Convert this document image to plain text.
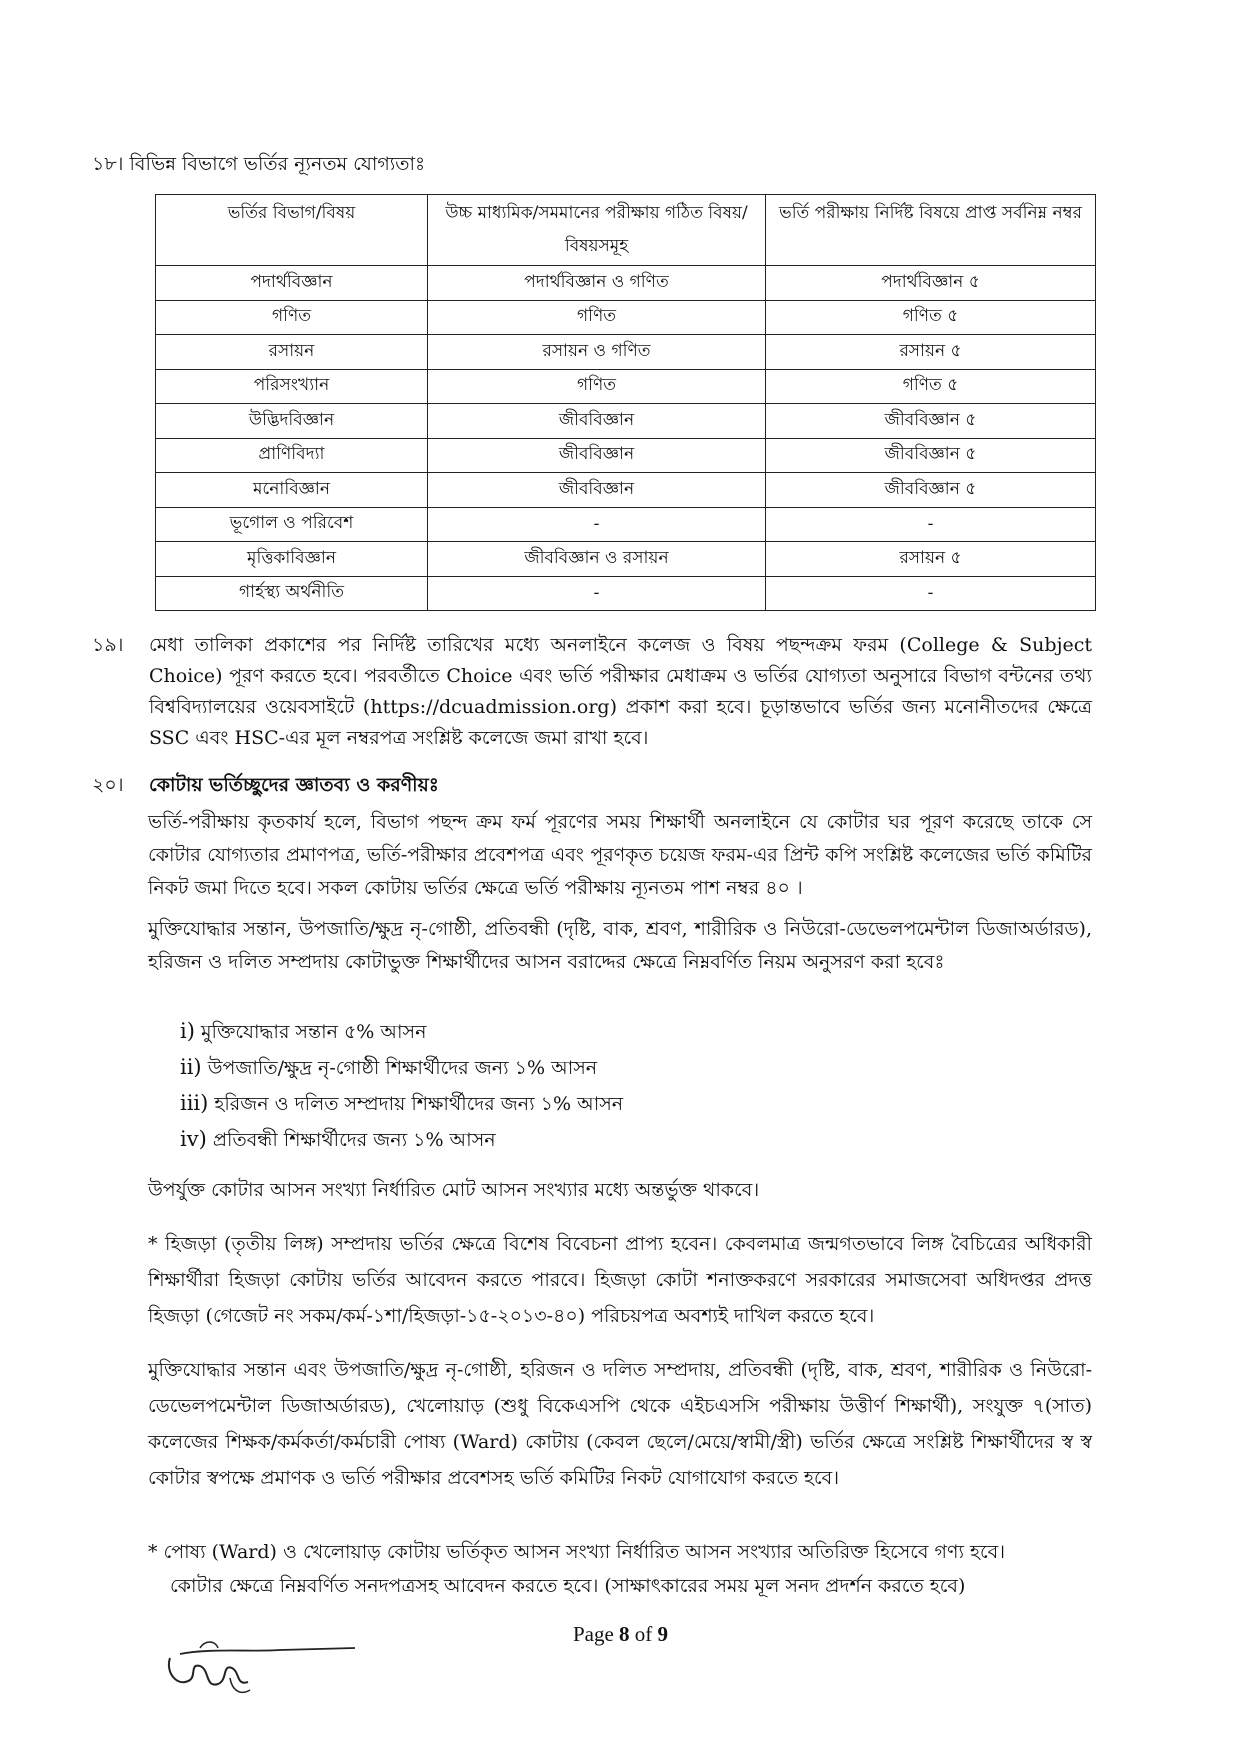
১৮। বিভিন্ন বিভাগে ভর্তির ন্যূনতম যোগ্যতাঃ
ভর্তির বিভাগ/বিষয়	উচ্চ মাধ্যমিক/সমমানের পরীক্ষায় গঠিত বিষয়/বিষয়সমূহ	ভর্তি পরীক্ষায় নির্দিষ্ট বিষয়ে প্রাপ্ত সর্বনিম্ন নম্বর
পদার্থবিজ্ঞান	পদার্থবিজ্ঞান ও গণিত	পদার্থবিজ্ঞান ৫
গণিত	গণিত	গণিত ৫
রসায়ন	রসায়ন ও গণিত	রসায়ন ৫
পরিসংখ্যান	গণিত	গণিত ৫
উদ্ভিদবিজ্ঞান	জীববিজ্ঞান	জীববিজ্ঞান ৫
প্রাণিবিদ্যা	জীববিজ্ঞান	জীববিজ্ঞান ৫
মনোবিজ্ঞান	জীববিজ্ঞান	জীববিজ্ঞান ৫
ভূগোল ও পরিবেশ	-	-
মৃত্তিকাবিজ্ঞান	জীববিজ্ঞান ও রসায়ন	রসায়ন ৫
গার্হস্থ্য অর্থনীতি	-	-
১৯। মেধা তালিকা প্রকাশের পর নির্দিষ্ট তারিখের মধ্যে অনলাইনে কলেজ ও বিষয় পছন্দক্রম ফরম (College & Subject Choice) পূরণ করতে হবে। পরবর্তীতে Choice এবং ভর্তি পরীক্ষার মেধাক্রম ও ভর্তির যোগ্যতা অনুসারে বিভাগ বন্টনের তথ্য বিশ্ববিদ্যালয়ের ওয়েবসাইটে (https://dcuadmission.org) প্রকাশ করা হবে। চূড়ান্তভাবে ভর্তির জন্য মনোনীতদের ক্ষেত্রে SSC এবং HSC-এর মূল নম্বরপত্র সংশ্লিষ্ট কলেজে জমা রাখা হবে।
২০। কোটায় ভর্তিচ্ছুদের জ্ঞাতব্য ও করণীয়ঃ
ভর্তি-পরীক্ষায় কৃতকার্য হলে, বিভাগ পছন্দ ক্রম ফর্ম পূরণের সময় শিক্ষার্থী অনলাইনে যে কোটার ঘর পূরণ করেছে তাকে সে কোটার যোগ্যতার প্রমাণপত্র, ভর্তি-পরীক্ষার প্রবেশপত্র এবং পূরণকৃত চয়েজ ফরম-এর প্রিন্ট কপি সংশ্লিষ্ট কলেজের ভর্তি কমিটির নিকট জমা দিতে হবে। সকল কোটায় ভর্তির ক্ষেত্রে ভর্তি পরীক্ষায় ন্যূনতম পাশ নম্বর ৪০ ।
মুক্তিযোদ্ধার সন্তান, উপজাতি/ক্ষুদ্র নৃ-গোষ্ঠী, প্রতিবন্ধী (দৃষ্টি, বাক, শ্রবণ, শারীরিক ও নিউরো-ডেভেলপমেন্টাল ডিজাঅর্ডারড), হরিজন ও দলিত সম্প্রদায় কোটাভুক্ত শিক্ষার্থীদের আসন বরাদ্দের ক্ষেত্রে নিম্নবর্ণিত নিয়ম অনুসরণ করা হবেঃ
i) মুক্তিযোদ্ধার সন্তান ৫% আসন
ii) উপজাতি/ক্ষুদ্র নৃ-গোষ্ঠী শিক্ষার্থীদের জন্য ১% আসন
iii) হরিজন ও দলিত সম্প্রদায় শিক্ষার্থীদের জন্য ১% আসন
iv) প্রতিবন্ধী শিক্ষার্থীদের জন্য ১% আসন
উপর্যুক্ত কোটার আসন সংখ্যা নির্ধারিত মোট আসন সংখ্যার মধ্যে অন্তর্ভুক্ত থাকবে।
* হিজড়া (তৃতীয় লিঙ্গ) সম্প্রদায় ভর্তির ক্ষেত্রে বিশেষ বিবেচনা প্রাপ্য হবেন। কেবলমাত্র জন্মগতভাবে লিঙ্গ বৈচিত্রের অধিকারী শিক্ষার্থীরা হিজড়া কোটায় ভর্তির আবেদন করতে পারবে। হিজড়া কোটা শনাক্তকরণে সরকারের সমাজসেবা অধিদপ্তর প্রদত্ত হিজড়া (গেজেট নং সকম/কর্ম-১শা/হিজড়া-১৫-২০১৩-৪০) পরিচয়পত্র অবশ্যই দাখিল করতে হবে।
মুক্তিযোদ্ধার সন্তান এবং উপজাতি/ক্ষুদ্র নৃ-গোষ্ঠী, হরিজন ও দলিত সম্প্রদায়, প্রতিবন্ধী (দৃষ্টি, বাক, শ্রবণ, শারীরিক ও নিউরো-ডেভেলপমেন্টাল ডিজাঅর্ডারড), খেলোয়াড় (শুধু বিকেএসপি থেকে এইচএসসি পরীক্ষায় উত্তীর্ণ শিক্ষার্থী), সংযুক্ত ৭(সাত) কলেজের শিক্ষক/কর্মকর্তা/কর্মচারী পোষ্য (Ward) কোটায় (কেবল ছেলে/মেয়ে/স্বামী/স্ত্রী) ভর্তির ক্ষেত্রে সংশ্লিষ্ট শিক্ষার্থীদের স্ব স্ব কোটার স্বপক্ষে প্রমাণক ও ভর্তি পরীক্ষার প্রবেশসহ ভর্তি কমিটির নিকট যোগাযোগ করতে হবে।
* পোষ্য (Ward) ও খেলোয়াড় কোটায় ভর্তিকৃত আসন সংখ্যা নির্ধারিত আসন সংখ্যার অতিরিক্ত হিসেবে গণ্য হবে।
কোটার ক্ষেত্রে নিম্নবর্ণিত সনদপত্রসহ আবেদন করতে হবে। (সাক্ষাৎকারের সময় মূল সনদ প্রদর্শন করতে হবে)
Page 8 of 9
